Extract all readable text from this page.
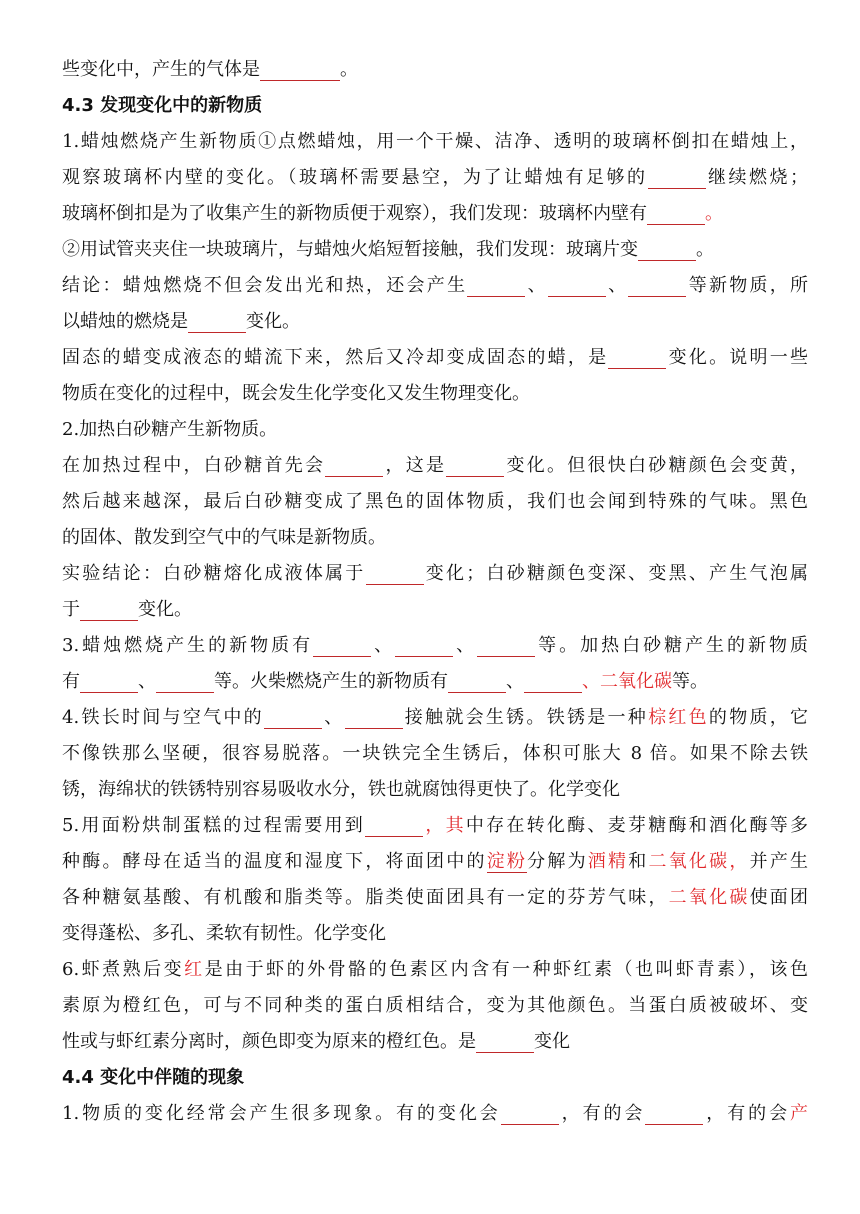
些变化中，产生的气体是	。
4.3 发现变化中的新物质
1.蜡烛燃烧产生新物质①点燃蜡烛，用一个干燥、洁净、透明的玻璃杯倒扣在蜡烛上，
观察玻璃杯内壁的变化。（玻璃杯需要悬空，为了让蜡烛有足够的	继续燃烧；
玻璃杯倒扣是为了收集产生的新物质便于观察），我们发现：玻璃杯内壁有	。
②用试管夹夹住一块玻璃片，与蜡烛火焰短暂接触，我们发现：玻璃片变	。
结论：蜡烛燃烧不但会发出光和热，还会产生	、	、	等新物质，所
以蜡烛的燃烧是	变化。
固态的蜡变成液态的蜡流下来，然后又冷却变成固态的蜡，是	变化。说明一些
物质在变化的过程中，既会发生化学变化又发生物理变化。
2.加热白砂糖产生新物质。
在加热过程中，白砂糖首先会	，这是	变化。但很快白砂糖颜色会变黄，
然后越来越深，最后白砂糖变成了黑色的固体物质，我们也会闻到特殊的气味。黑色
的固体、散发到空气中的气味是新物质。
实验结论：白砂糖熔化成液体属于	变化；白砂糖颜色变深、变黑、产生气泡属
于	变化。
3.蜡烛燃烧产生的新物质有	、	、	等。加热白砂糖产生的新物质
有	、	等。火柴燃烧产生的新物质有	、	、二氧化碳等。
4.铁长时间与空气中的	、	接触就会生锈。铁锈是一种棕红色的物质，它
不像铁那么坚硬，很容易脱落。一块铁完全生锈后，体积可胀大 8 倍。如果不除去铁
锈，海绵状的铁锈特别容易吸收水分，铁也就腐蚀得更快了。化学变化
5.用面粉烘制蛋糕的过程需要用到	，其中存在转化酶、麦芽糖酶和酒化酶等多
种酶。酵母在适当的温度和湿度下，将面团中的淀粉分解为酒精和二氧化碳，并产生
各种糖氨基酸、有机酸和脂类等。脂类使面团具有一定的芬芳气味，二氧化碳使面团
变得蓬松、多孔、柔软有韧性。化学变化
6.虾煮熟后变红是由于虾的外骨骼的色素区内含有一种虾红素（也叫虾青素），该色
素原为橙红色，可与不同种类的蛋白质相结合，变为其他颜色。当蛋白质被破坏、变
性或与虾红素分离时，颜色即变为原来的橙红色。是	变化
4.4 变化中伴随的现象
1.物质的变化经常会产生很多现象。有的变化会	，有的会	，有的会产
